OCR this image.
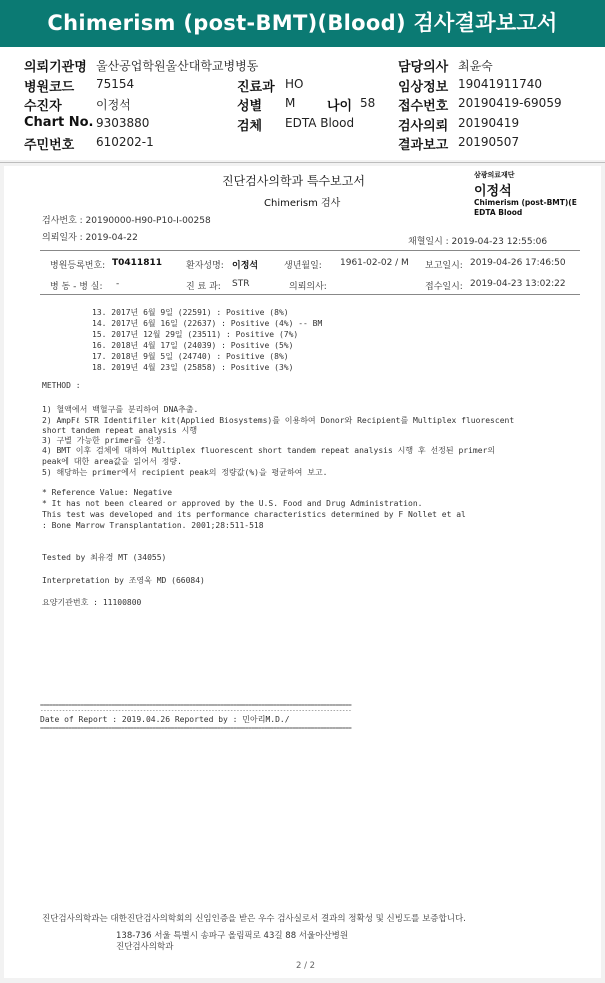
Chimerism (post-BMT)(Blood) 검사결과보고서
의뢰기관명 울산공업학원울산대학교병병동	담당의사 최윤숙
병원코드 75154	진료과 HO	임상정보 19041911740
수진자	이정석	성별 M 나이 58 접수번호 20190419-69059
Chart No. 9303880	검체 EDTA Blood	검사의뢰 20190419
주민번호 610202-1	결과보고 20190507
진단검사의학과 특수보고서
Chimerism 검사
삼광의료재단
이정석
Chimerism (post-BMT)(E
EDTA Blood
검사번호 : 20190000-H90-P10-I-00258
의뢰일자 : 2019-04-22	채혈일시 : 2019-04-23 12:55:06
병원등록번호: T0411811	환자성명: 이정석	생년월일: 1961-02-02 / M 보고일시: 2019-04-26 17:46:50
병 동 - 병 실: -	진 료 과: STR	의뢰의사:	접수일시: 2019-04-23 13:02:22
13. 2017년 6월 9일 (22591) : Positive (8%)
14. 2017년 6월 16일 (22637) : Positive (4%) -- BM
15. 2017년 12월 29일 (23511) : Positive (7%)
16. 2018년 4월 17일 (24039) : Positive (5%)
17. 2018년 9월 5일 (24740) : Positive (8%)
18. 2019년 4월 23일 (25858) : Positive (3%)
METHOD :
1) 혈액에서 백혈구를 분리하여 DNA추출.
2) AmpFℓ STR Identifiler kit(Applied Biosystems)를 이용하여 Donor와 Recipient를 Multiplex fluorescent
short tandem repeat analysis 시행
3) 구별 가능한 primer를 선정.
4) BMT 이후 검체에 대하여 Multiplex fluorescent short tandem repeat analysis 시행 후 선정된 primer의
peak에 대한 area값을 읽어서 정량.
5) 해당하는 primer에서 recipient peak의 정량값(%)을 평균하여 보고.
* Reference Value: Negative
* It has not been cleared or approved by the U.S. Food and Drug Administration.
This test was developed and its performance characteristics determined by F Nollet et al
: Bone Marrow Transplantation. 2001;28:511-518
Tested by 최유경 MT (34055)
Interpretation by 조영욱 MD (66084)
요양기관번호 : 11100800
====================================================================================================
----------------------------------------------------------------------------------------------------
Date of Report : 2019.04.26 Reported by : 민아리M.D./
====================================================================================================
진단검사의학과는 대한진단검사의학회의 신임인증을 받은 우수 검사실로서 결과의 정확성 및 신빙도를 보증합니다.
138-736 서울 특별시 송파구 올림픽로 43길 88 서울아산병원
진단검사의학과
2 / 2
